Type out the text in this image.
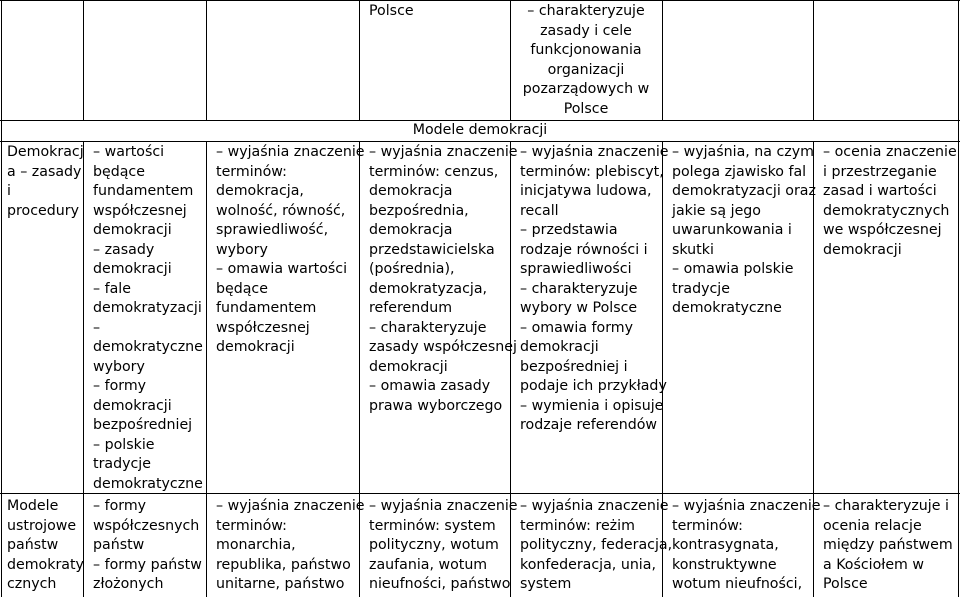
Polsce	– charakteryzuje
zasady i cele
funkcjonowania
organizacji
pozarządowych w
Polsce
Modele demokracji
Demokracj
a – zasady
i
procedury
– wartości
będące
fundamentem
współczesnej
demokracji
– zasady
demokracji
– fale
demokratyzacji
–
demokratyczne
wybory
– formy
demokracji
bezpośredniej
– polskie
tradycje
demokratyczne
– wyjaśnia znaczenie
terminów:
demokracja,
wolność, równość,
sprawiedliwość,
wybory
– omawia wartości
będące
fundamentem
współczesnej
demokracji
– wyjaśnia znaczenie
terminów: cenzus,
demokracja
bezpośrednia,
demokracja
przedstawicielska
(pośrednia),
demokratyzacja,
referendum
– charakteryzuje
zasady współczesnej
demokracji
– omawia zasady
prawa wyborczego
– wyjaśnia znaczenie
terminów: plebiscyt,
inicjatywa ludowa,
recall
– przedstawia
rodzaje równości i
sprawiedliwości
– charakteryzuje
wybory w Polsce
– omawia formy
demokracji
bezpośredniej i
podaje ich przykłady
– wymienia i opisuje
rodzaje referendów
– wyjaśnia, na czym
polega zjawisko fal
demokratyzacji oraz
jakie są jego
uwarunkowania i
skutki
– omawia polskie
tradycje
demokratyczne
– ocenia znaczenie
i przestrzeganie
zasad i wartości
demokratycznych
we współczesnej
demokracji
Modele
ustrojowe
państw
demokraty
cznych
– formy
współczesnych
państw
– formy państw
złożonych
– wyjaśnia znaczenie
terminów:
monarchia,
republika, państwo
unitarne, państwo
– wyjaśnia znaczenie
terminów: system
polityczny, wotum
zaufania, wotum
nieufności, państwo
– wyjaśnia znaczenie
terminów: reżim
polityczny, federacja,
konfederacja, unia,
system
– wyjaśnia znaczenie
terminów:
kontrasygnata,
konstruktywne
wotum nieufności,
– charakteryzuje i
ocenia relacje
między państwem
a Kościołem w
Polsce
